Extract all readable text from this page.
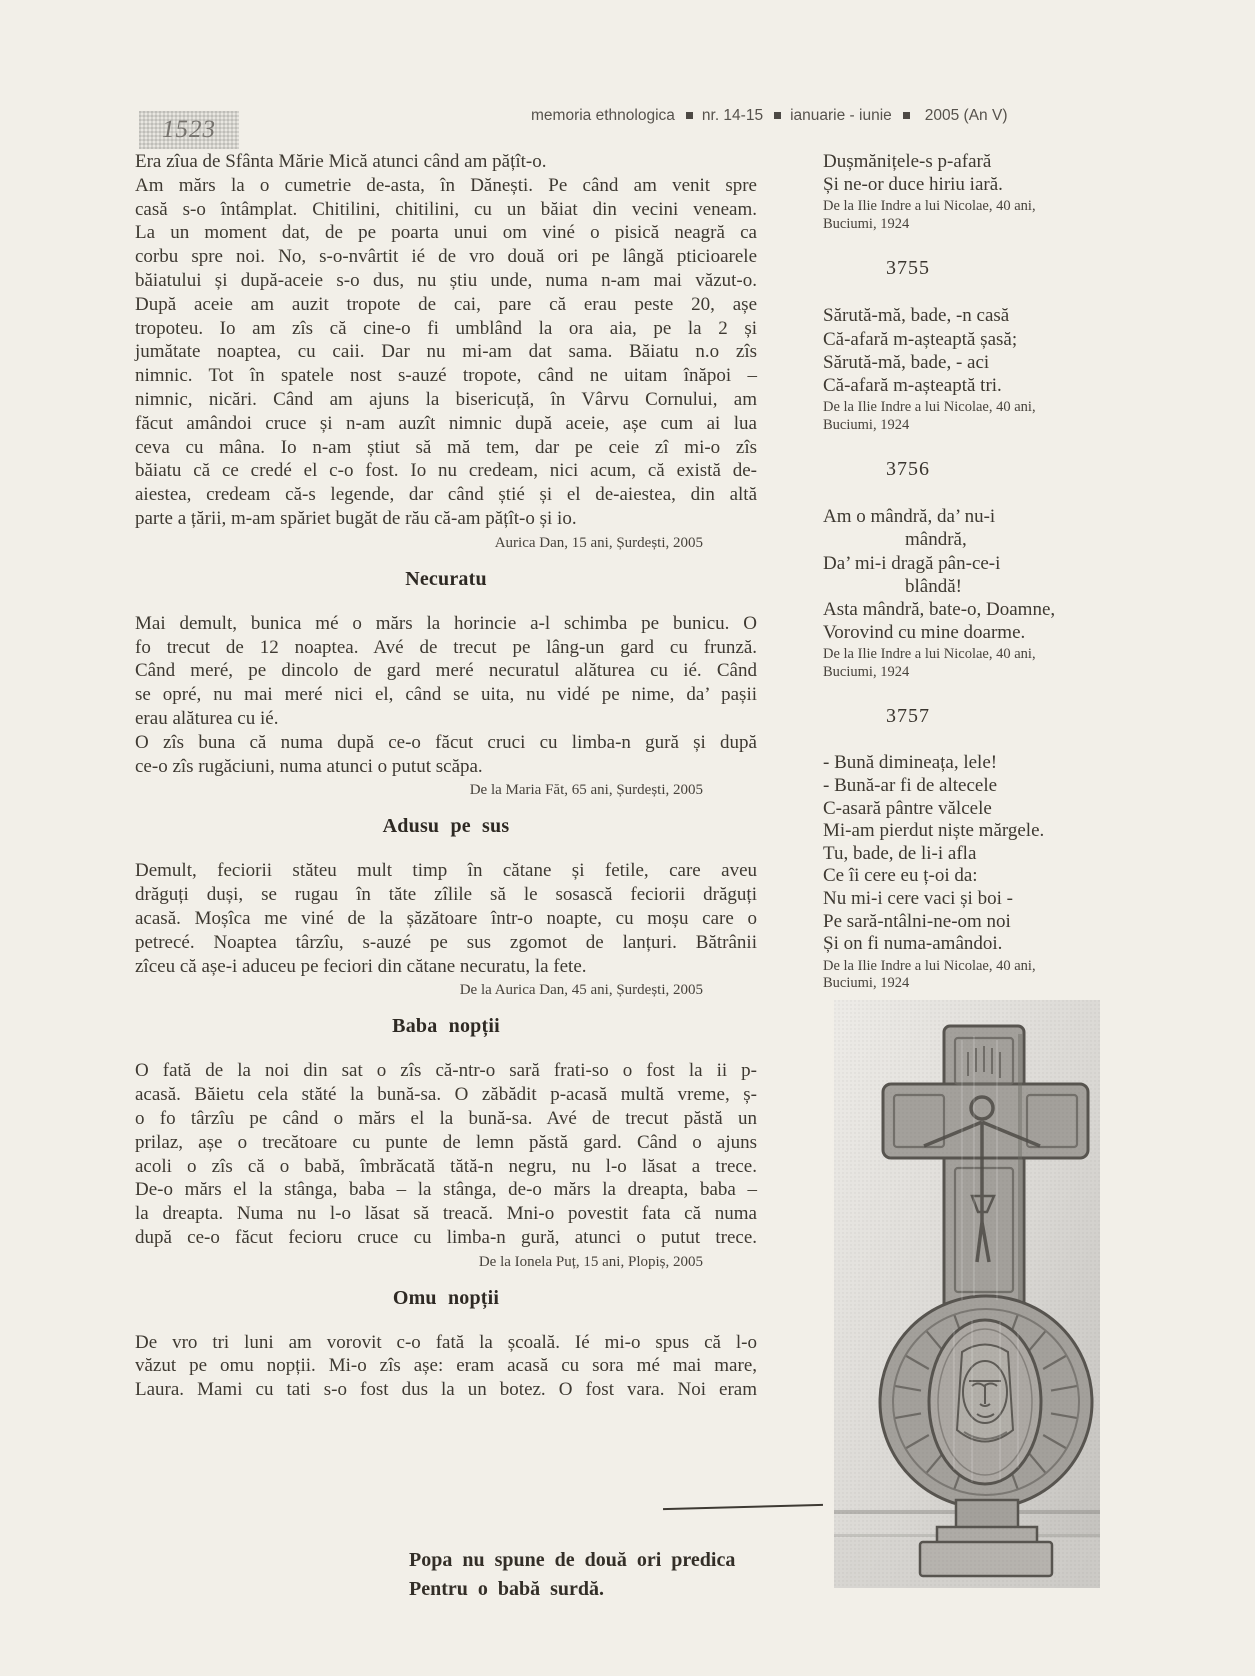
1523
memoria ethnologica nr. 14-15 ianuarie - iunie 2005 (An V)
Era zîua de Sfânta Mărie Mică atunci când am pățît-o.
Am mărs la o cumetrie de-asta, în Dănești. Pe când am venit spre
casă s-o întâmplat. Chitilini, chitilini, cu un băiat din vecini veneam.
La un moment dat, de pe poarta unui om viné o pisică neagră ca
corbu spre noi. No, s-o-nvârtit ié de vro două ori pe lângă pticioarele
băiatului și după-aceie s-o dus, nu știu unde, numa n-am mai văzut-o.
După aceie am auzit tropote de cai, pare că erau peste 20, așe
tropoteu. Io am zîs că cine-o fi umblând la ora aia, pe la 2 și
jumătate noaptea, cu caii. Dar nu mi-am dat sama. Băiatu n.o zîs
nimnic. Tot în spatele nost s-auzé tropote, când ne uitam înăpoi –
nimnic, nicări. Când am ajuns la bisericuță, în Vârvu Cornului, am
făcut amândoi cruce și n-am auzît nimnic după aceie, așe cum ai lua
ceva cu mâna. Io n-am știut să mă tem, dar pe ceie zî mi-o zîs
băiatu că ce credé el c-o fost. Io nu credeam, nici acum, că există de-
aiestea, credeam că-s legende, dar când știé și el de-aiestea, din altă
parte a țării, m-am spăriet bugăt de rău că-am pățît-o și io.
Aurica Dan, 15 ani, Șurdești, 2005
Necuratu
Mai demult, bunica mé o mărs la horincie a-l schimba pe bunicu. O
fo trecut de 12 noaptea. Avé de trecut pe lâng-un gard cu frunză.
Când meré, pe dincolo de gard meré necuratul alăturea cu ié. Când
se opré, nu mai meré nici el, când se uita, nu vidé pe nime, da’ pașii
erau alăturea cu ié.
O zîs buna că numa după ce-o făcut cruci cu limba-n gură și după
ce-o zîs rugăciuni, numa atunci o putut scăpa.
De la Maria Făt, 65 ani, Șurdești, 2005
Adusu pe sus
Demult, feciorii stăteu mult timp în cătane și fetile, care aveu
drăguți duși, se rugau în tăte zîlile să le sosască feciorii drăguți
acasă. Moșîca me viné de la șăzătoare într-o noapte, cu moșu care o
petrecé. Noaptea târzîu, s-auzé pe sus zgomot de lanțuri. Bătrânii
zîceu că așe-i aduceu pe feciori din cătane necuratu, la fete.
De la Aurica Dan, 45 ani, Șurdești, 2005
Baba nopții
O fată de la noi din sat o zîs că-ntr-o sară frati-so o fost la ii p-
acasă. Băietu cela stăté la bună-sa. O zăbădit p-acasă multă vreme, ș-
o fo târzîu pe când o mărs el la bună-sa. Avé de trecut păstă un
prilaz, așe o trecătoare cu punte de lemn păstă gard. Când o ajuns
acoli o zîs că o babă, îmbrăcată tătă-n negru, nu l-o lăsat a trece.
De-o mărs el la stânga, baba – la stânga, de-o mărs la dreapta, baba –
la dreapta. Numa nu l-o lăsat să treacă. Mni-o povestit fata că numa
după ce-o făcut fecioru cruce cu limba-n gură, atunci o putut trece.
De la Ionela Puț, 15 ani, Plopiș, 2005
Omu nopții
De vro tri luni am vorovit c-o fată la școală. Ié mi-o spus că l-o
văzut pe omu nopții. Mi-o zîs așe: eram acasă cu sora mé mai mare,
Laura. Mami cu tati s-o fost dus la un botez. O fost vara. Noi eram
Popa nu spune de două ori predica
Pentru o babă surdă.
Dușmănițele-s p-afară
Și ne-or duce hiriu iară.
De la Ilie Indre a lui Nicolae, 40 ani,
Buciumi, 1924
3755
Sărută-mă, bade, -n casă
Că-afară m-așteaptă șasă;
Sărută-mă, bade, - aci
Că-afară m-așteaptă tri.
De la Ilie Indre a lui Nicolae, 40 ani,
Buciumi, 1924
3756
Am o mândră, da’ nu-i
mândră,
Da’ mi-i dragă pân-ce-i
blândă!
Asta mândră, bate-o, Doamne,
Vorovind cu mine doarme.
De la Ilie Indre a lui Nicolae, 40 ani,
Buciumi, 1924
3757
- Bună dimineața, lele!
- Bună-ar fi de altecele
C-asară pântre vălcele
Mi-am pierdut niște mărgele.
Tu, bade, de li-i afla
Ce îi cere eu ț-oi da:
Nu mi-i cere vaci și boi -
Pe sară-ntâlni-ne-om noi
Și on fi numa-amândoi.
De la Ilie Indre a lui Nicolae, 40 ani,
Buciumi, 1924
